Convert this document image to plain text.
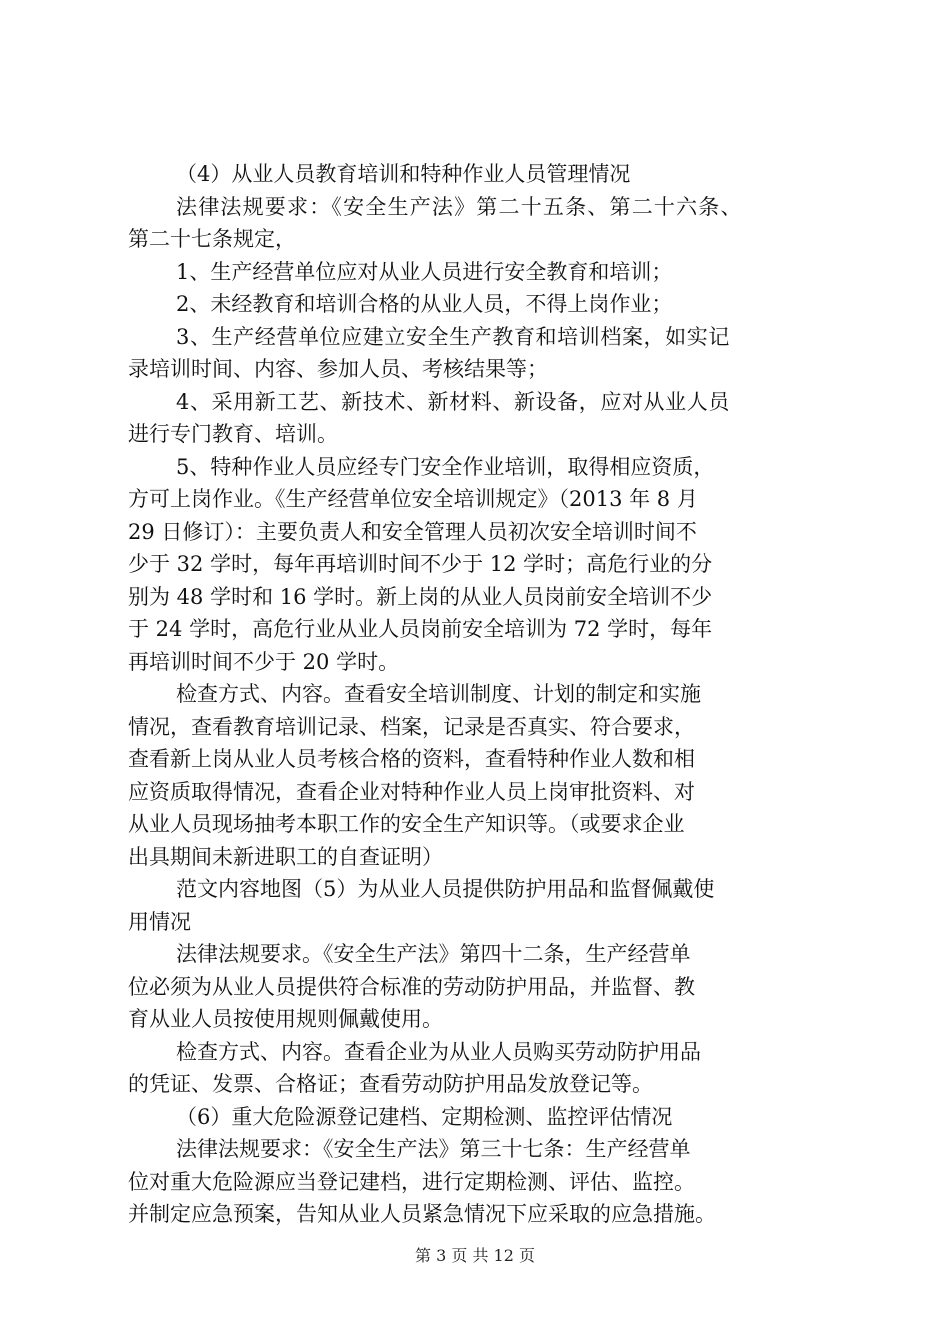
（4）从业人员教育培训和特种作业人员管理情况
法律法规要求：《安全生产法》第二十五条、第二十六条、
第二十七条规定，
1、生产经营单位应对从业人员进行安全教育和培训；
2、未经教育和培训合格的从业人员，不得上岗作业；
3、生产经营单位应建立安全生产教育和培训档案，如实记
录培训时间、内容、参加人员、考核结果等；
4、采用新工艺、新技术、新材料、新设备，应对从业人员
进行专门教育、培训。
5、特种作业人员应经专门安全作业培训，取得相应资质，
方可上岗作业。《生产经营单位安全培训规定》（2013 年 8 月
29 日修订）：主要负责人和安全管理人员初次安全培训时间不
少于 32 学时，每年再培训时间不少于 12 学时；高危行业的分
别为 48 学时和 16 学时。新上岗的从业人员岗前安全培训不少
于 24 学时，高危行业从业人员岗前安全培训为 72 学时，每年
再培训时间不少于 20 学时。
检查方式、内容。查看安全培训制度、计划的制定和实施
情况，查看教育培训记录、档案，记录是否真实、符合要求，
查看新上岗从业人员考核合格的资料，查看特种作业人数和相
应资质取得情况，查看企业对特种作业人员上岗审批资料、对
从业人员现场抽考本职工作的安全生产知识等。（或要求企业
出具期间未新进职工的自查证明）
范文内容地图（5）为从业人员提供防护用品和监督佩戴使
用情况
法律法规要求。《安全生产法》第四十二条，生产经营单
位必须为从业人员提供符合标准的劳动防护用品，并监督、教
育从业人员按使用规则佩戴使用。
检查方式、内容。查看企业为从业人员购买劳动防护用品
的凭证、发票、合格证；查看劳动防护用品发放登记等。
（6）重大危险源登记建档、定期检测、监控评估情况
第 3 页 共 12 页
法律法规要求：《安全生产法》第三十七条：生产经营单
位对重大危险源应当登记建档，进行定期检测、评估、监控。
并制定应急预案，告知从业人员紧急情况下应采取的应急措施。
